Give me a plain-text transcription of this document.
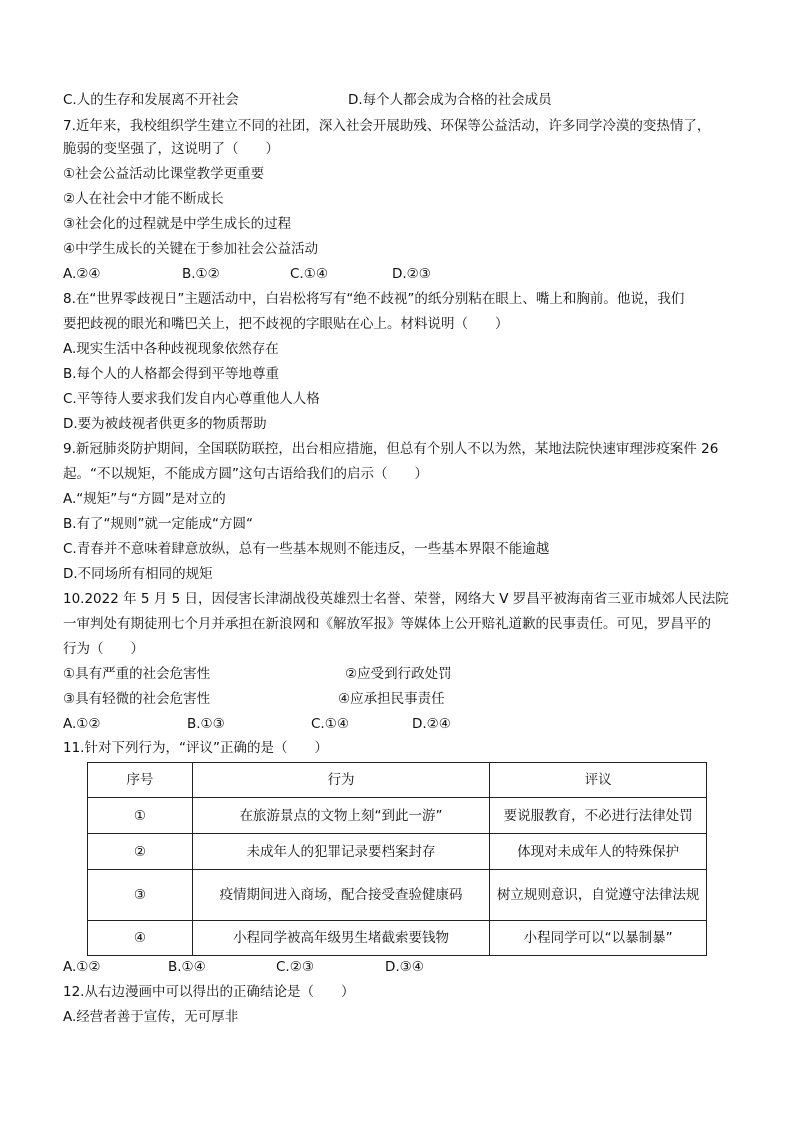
C.人的生存和发展离不开社会	D.每个人都会成为合格的社会成员
7.近年来，我校组织学生建立不同的社团，深入社会开展助残、环保等公益活动，许多同学冷漠的变热情了，
脆弱的变坚强了，这说明了（　　）
①社会公益活动比课堂教学更重要
②人在社会中才能不断成长
③社会化的过程就是中学生成长的过程
④中学生成长的关键在于参加社会公益活动
A.②④	B.①②	C.①④	D.②③
8.在“世界零歧视日”主题活动中，白岩松将写有“绝不歧视”的纸分别粘在眼上、嘴上和胸前。他说，我们
要把歧视的眼光和嘴巴关上，把不歧视的字眼贴在心上。材料说明（　　）
A.现实生活中各种歧视现象依然存在
B.每个人的人格都会得到平等地尊重
C.平等待人要求我们发自内心尊重他人人格
D.要为被歧视者供更多的物质帮助
9.新冠肺炎防护期间，全国联防联控，出台相应措施，但总有个别人不以为然，某地法院快速审理涉疫案件 26
起。“不以规矩，不能成方圆”这句古语给我们的启示（　　）
A.“规矩”与“方圆”是对立的
B.有了“规则”就一定能成“方圆“
C.青春并不意味着肆意放纵，总有一些基本规则不能违反，一些基本界限不能逾越
D.不同场所有相同的规矩
10.2022 年 5 月 5 日，因侵害长津湖战役英雄烈士名誉、荣誉，网络大 V 罗昌平被海南省三亚市城郊人民法院
一审判处有期徒刑七个月并承担在新浪网和《解放军报》等媒体上公开赔礼道歉的民事责任。可见，罗昌平的
行为（　　）
①具有严重的社会危害性	②应受到行政处罚
③具有轻微的社会危害性	④应承担民事责任
A.①②	B.①③	C.①④	D.②④
11.针对下列行为，“评议”正确的是（　　）
序号	行为	评议
①	在旅游景点的文物上刻“到此一游”	要说服教育，不必进行法律处罚
②	未成年人的犯罪记录要档案封存	体现对未成年人的特殊保护
③	疫情期间进入商场，配合接受查验健康码	树立规则意识，自觉遵守法律法规
④	小程同学被高年级男生堵截索要钱物	小程同学可以“以暴制暴”
A.①②	B.①④	C.②③	D.③④
12.从右边漫画中可以得出的正确结论是（　　）
A.经营者善于宣传，无可厚非
